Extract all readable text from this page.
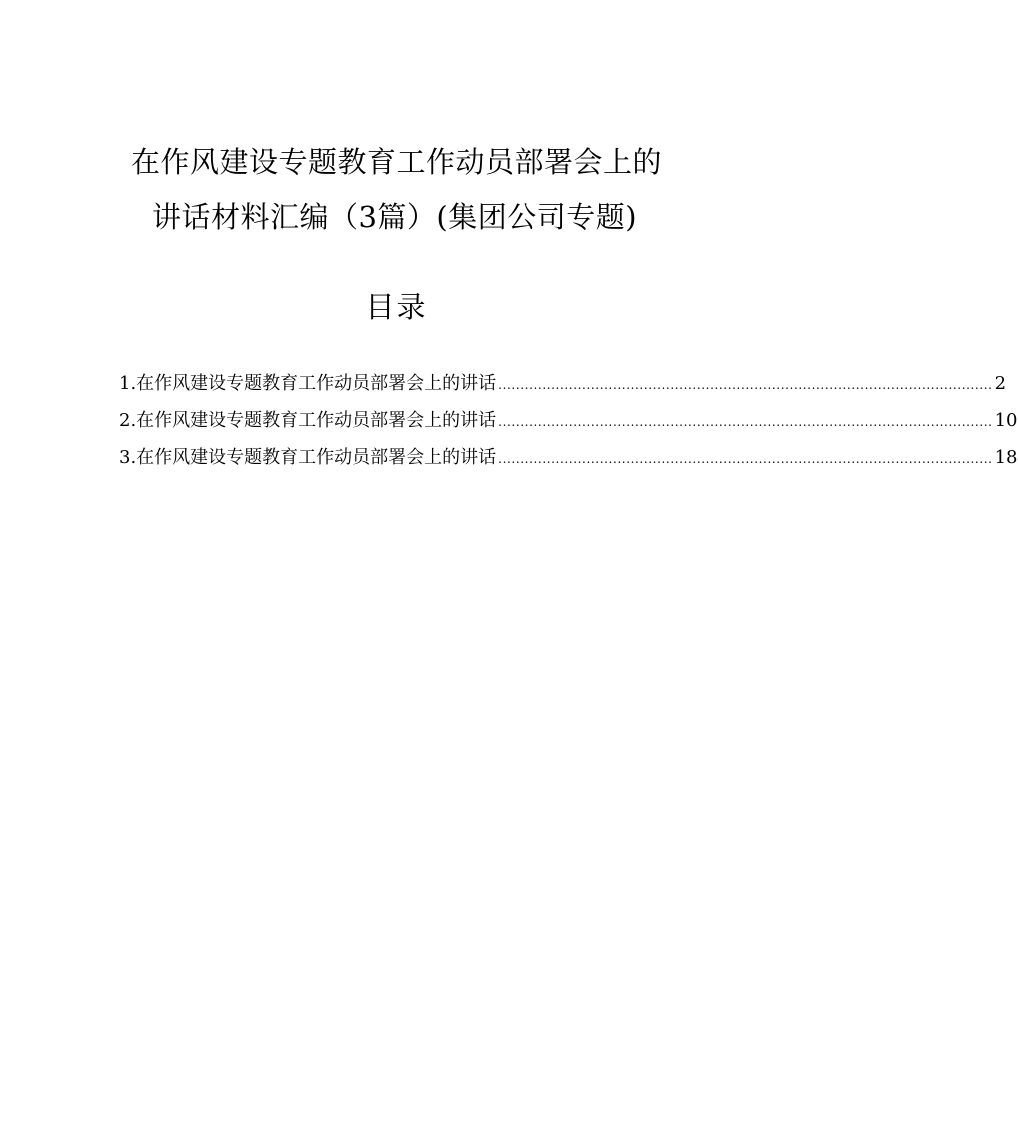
在作风建设专题教育工作动员部署会上的
讲话材料汇编（3篇）(集团公司专题)
目录
1.在作风建设专题教育工作动员部署会上的讲话 ................................................................................................................ 2
2.在作风建设专题教育工作动员部署会上的讲话 ................................................................................................................ 10
3.在作风建设专题教育工作动员部署会上的讲话 ................................................................................................................ 18
